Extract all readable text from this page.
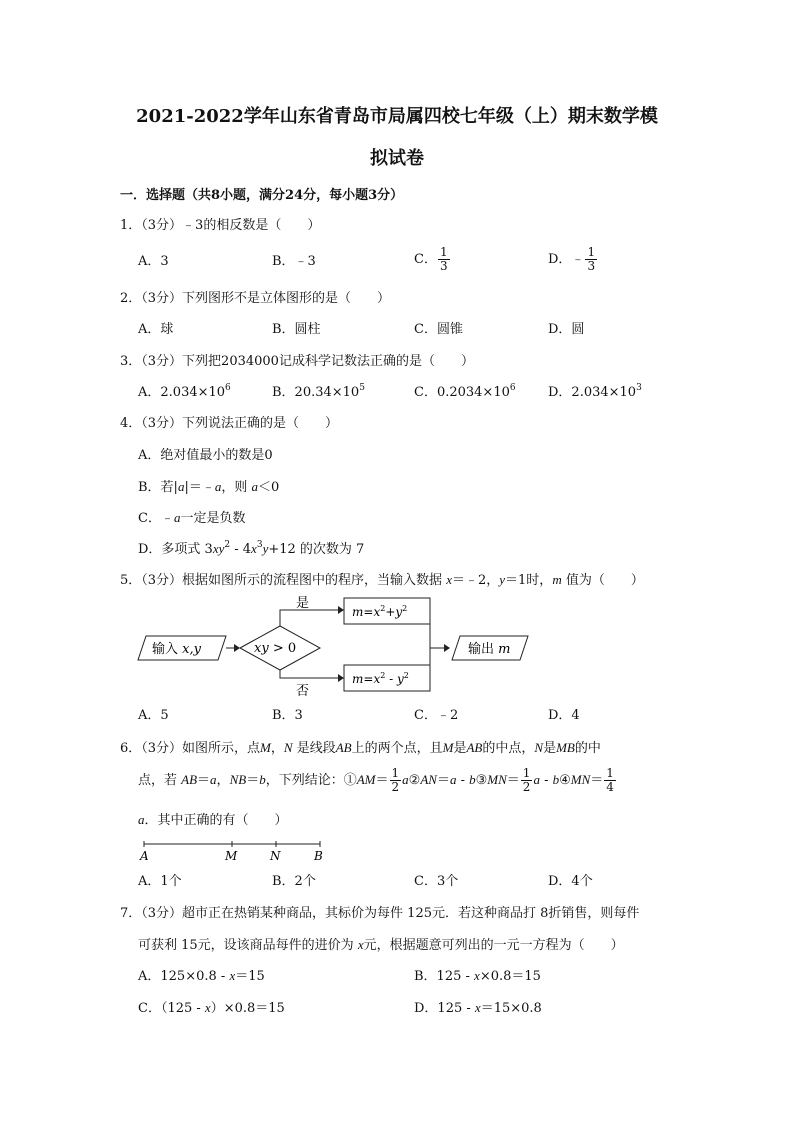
2021-2022学年山东省青岛市局属四校七年级（上）期末数学模
拟试卷
一．选择题（共8小题，满分24分，每小题3分）
1．（3分）﹣3的相反数是（　　）
A．3	B．﹣3	C． $\frac{1}{3}$	D．﹣ $\frac{1}{3}$
2．（3分）下列图形不是立体图形的是（　　）
A．球	B．圆柱	C．圆锥	D．圆
3．（3分）下列把2034000记成科学记数法正确的是（　　）
A．$2.034\times 10^6$	B．$20.34\times 10^5$	C．$0.2034\times 10^6$ D．$2.034\times 10^3$
4．（3分）下列说法正确的是（　　）
A．绝对值最小的数是0
B．若|a|＝﹣a，则 a＜0
C．﹣a一定是负数
D．多项式 $3xy^2 - 4x^3y+12$ 的次数为 7
5．（3分）根据如图所示的流程图中的程序，当输入数据 x＝﹣2，y＝1时，m 值为（　　）
输入 x,y	xy > 0
是
$m=x^2+y^2$
否
$m=x^2 - y^2$
输出 m
A．5	B．3	C．﹣2	D．4
6．（3分）如图所示，点M，N 是线段AB上的两个点，且M是AB的中点，N是MB的中
点，若 AB＝a，NB＝b，下列结论：①AM＝ $\frac{1}{2}$ a②AN＝a - b③MN＝ $\frac{1}{2}$ a - b④MN＝ $\frac{1}{4}$
a．其中正确的有（　　）
A	M	N	B
A．1个	B．2个	C．3个	D．4个
7．（3分）超市正在热销某种商品，其标价为每件 125元．若这种商品打 8折销售，则每件
可获利 15元，设该商品每件的进价为 x元，根据题意可列出的一元一方程为（　　）
A．125×0.8 - x＝15	B．125 - x×0.8＝15
C．（125 - x）×0.8＝15	D．125 - x＝15×0.8
